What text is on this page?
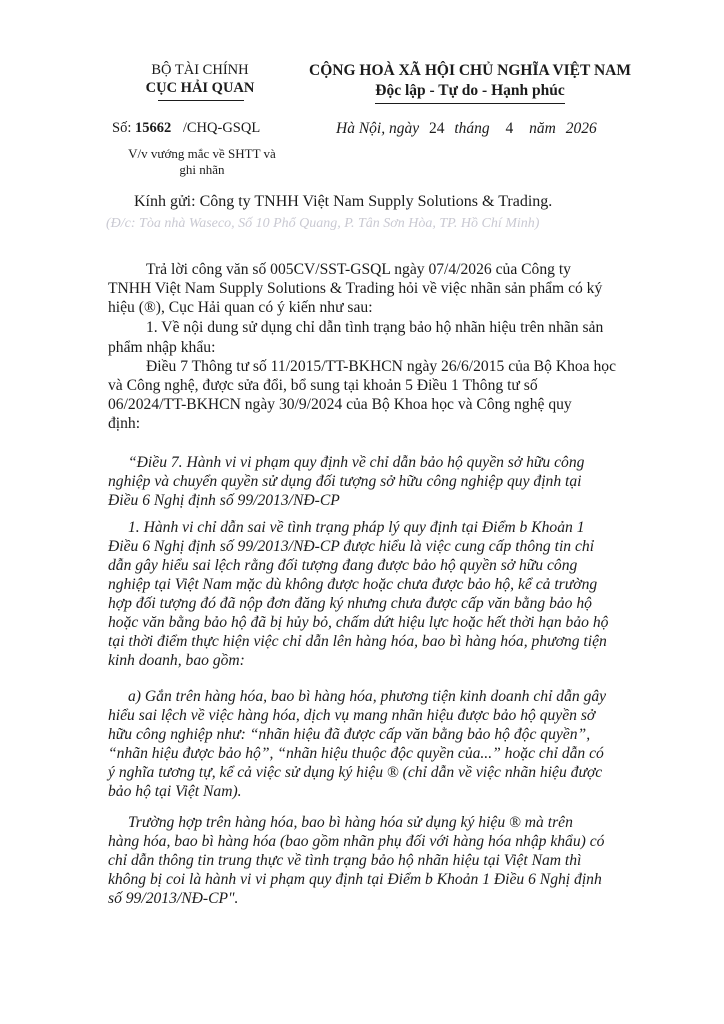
BỘ TÀI CHÍNH
CỤC HẢI QUAN
CỘNG HOÀ XÃ HỘI CHỦ NGHĨA VIỆT NAM
Độc lập - Tự do - Hạnh phúc
Số: 15662 /CHQ-GSQL
V/v vướng mắc về SHTT và
ghi nhãn
Hà Nội, ngày 24 tháng 4 năm 2026
Kính gửi: Công ty TNHH Việt Nam Supply Solutions & Trading.
(Đ/c: Tòa nhà Waseco, Số 10 Phổ Quang, P. Tân Sơn Hòa, TP. Hồ Chí Minh)
Trả lời công văn số 005CV/SST-GSQL ngày 07/4/2026 của Công ty
TNHH Việt Nam Supply Solutions & Trading hỏi về việc nhãn sản phẩm có ký
hiệu (®), Cục Hải quan có ý kiến như sau:
1. Về nội dung sử dụng chỉ dẫn tình trạng bảo hộ nhãn hiệu trên nhãn sản
phẩm nhập khẩu:
Điều 7 Thông tư số 11/2015/TT-BKHCN ngày 26/6/2015 của Bộ Khoa học
và Công nghệ, được sửa đổi, bổ sung tại khoản 5 Điều 1 Thông tư số
06/2024/TT-BKHCN ngày 30/9/2024 của Bộ Khoa học và Công nghệ quy
định:
“Điều 7. Hành vi vi phạm quy định về chỉ dẫn bảo hộ quyền sở hữu công
nghiệp và chuyển quyền sử dụng đối tượng sở hữu công nghiệp quy định tại
Điều 6 Nghị định số 99/2013/NĐ-CP
1. Hành vi chỉ dẫn sai về tình trạng pháp lý quy định tại Điểm b Khoản 1
Điều 6 Nghị định số 99/2013/NĐ-CP được hiểu là việc cung cấp thông tin chỉ
dẫn gây hiểu sai lệch rằng đối tượng đang được bảo hộ quyền sở hữu công
nghiệp tại Việt Nam mặc dù không được hoặc chưa được bảo hộ, kể cả trường
hợp đối tượng đó đã nộp đơn đăng ký nhưng chưa được cấp văn bằng bảo hộ
hoặc văn bằng bảo hộ đã bị hủy bỏ, chấm dứt hiệu lực hoặc hết thời hạn bảo hộ
tại thời điểm thực hiện việc chỉ dẫn lên hàng hóa, bao bì hàng hóa, phương tiện
kinh doanh, bao gồm:
a) Gắn trên hàng hóa, bao bì hàng hóa, phương tiện kinh doanh chỉ dẫn gây
hiểu sai lệch về việc hàng hóa, dịch vụ mang nhãn hiệu được bảo hộ quyền sở
hữu công nghiệp như: “nhãn hiệu đã được cấp văn bằng bảo hộ độc quyền”,
“nhãn hiệu được bảo hộ”, “nhãn hiệu thuộc độc quyền của...” hoặc chỉ dẫn có
ý nghĩa tương tự, kể cả việc sử dụng ký hiệu ® (chỉ dẫn về việc nhãn hiệu được
bảo hộ tại Việt Nam).
Trường hợp trên hàng hóa, bao bì hàng hóa sử dụng ký hiệu ® mà trên
hàng hóa, bao bì hàng hóa (bao gồm nhãn phụ đối với hàng hóa nhập khẩu) có
chỉ dẫn thông tin trung thực về tình trạng bảo hộ nhãn hiệu tại Việt Nam thì
không bị coi là hành vi vi phạm quy định tại Điểm b Khoản 1 Điều 6 Nghị định
số 99/2013/NĐ-CP".
